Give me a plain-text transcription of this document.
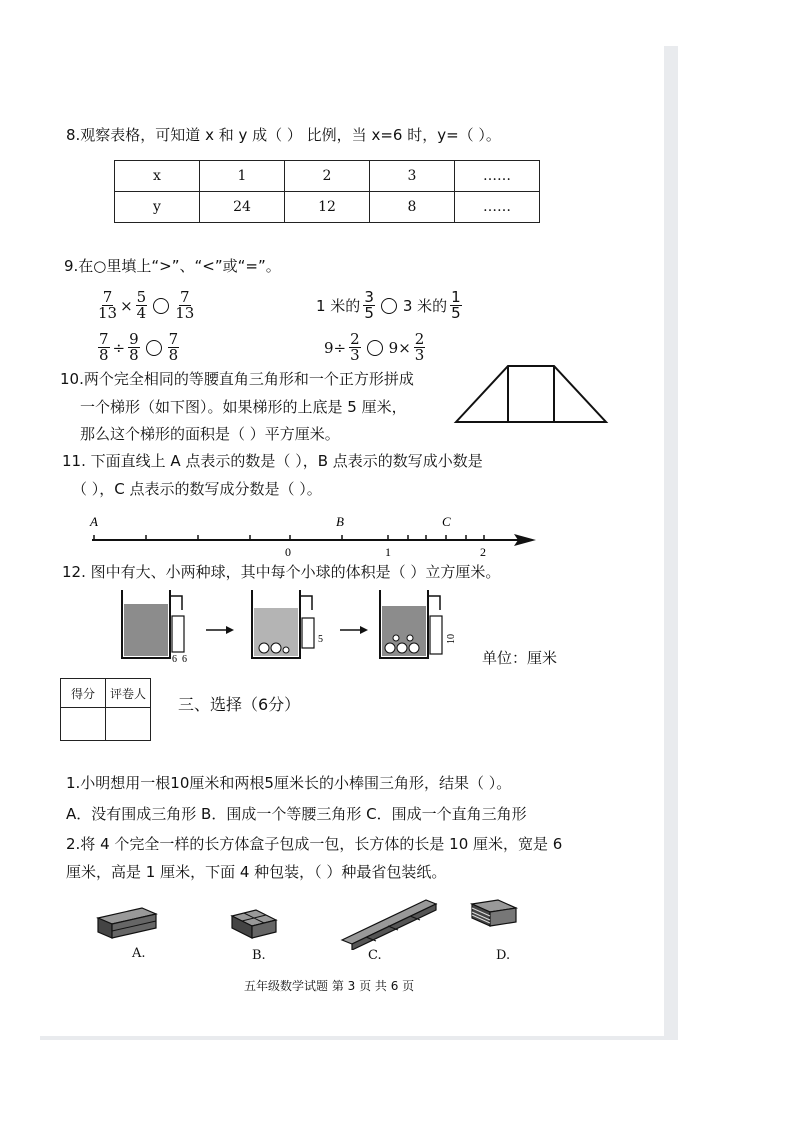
8.观察表格，可知道 x 和 y 成（ ） 比例，当 x=6 时，y=（ ）。
x	1	2	3	……
y	24	12	8	……
9.在○里填上“>”、“<”或“=”。
$\frac{7}{13} \times \frac{5}{4} \frac{7}{13}$
$\frac{7}{8} \div \frac{9}{8} \frac{7}{8}$
1 米的 $\frac{3}{5} 3$ 米的 $\frac{1}{5}$
$9\div \frac{2}{3} 9\times \frac{2}{3}$
10.两个完全相同的等腰直角三角形和一个正方形拼成
一个梯形（如下图）。如果梯形的上底是 5 厘米，
那么这个梯形的面积是（ ）平方厘米。
11. 下面直线上 A 点表示的数是（ ），B 点表示的数写成小数是
（ ），C 点表示的数写成分数是（ ）。
A	B	C
0	1	2
12. 图中有大、小两种球，其中每个小球的体积是（ ）立方厘米。
6 6
5	10
单位：厘米
得分	评卷人

三、选择（6分）
1.小明想用一根10厘米和两根5厘米长的小棒围三角形，结果（ ）。
A．没有围成三角形 B．围成一个等腰三角形 C．围成一个直角三角形
2.将 4 个完全一样的长方体盒子包成一包，长方体的长是 10 厘米，宽是 6
厘米，高是 1 厘米，下面 4 种包装，（ ）种最省包装纸。
A.	B.	C.	D.
五年级数学试题 第 3 页 共 6 页
